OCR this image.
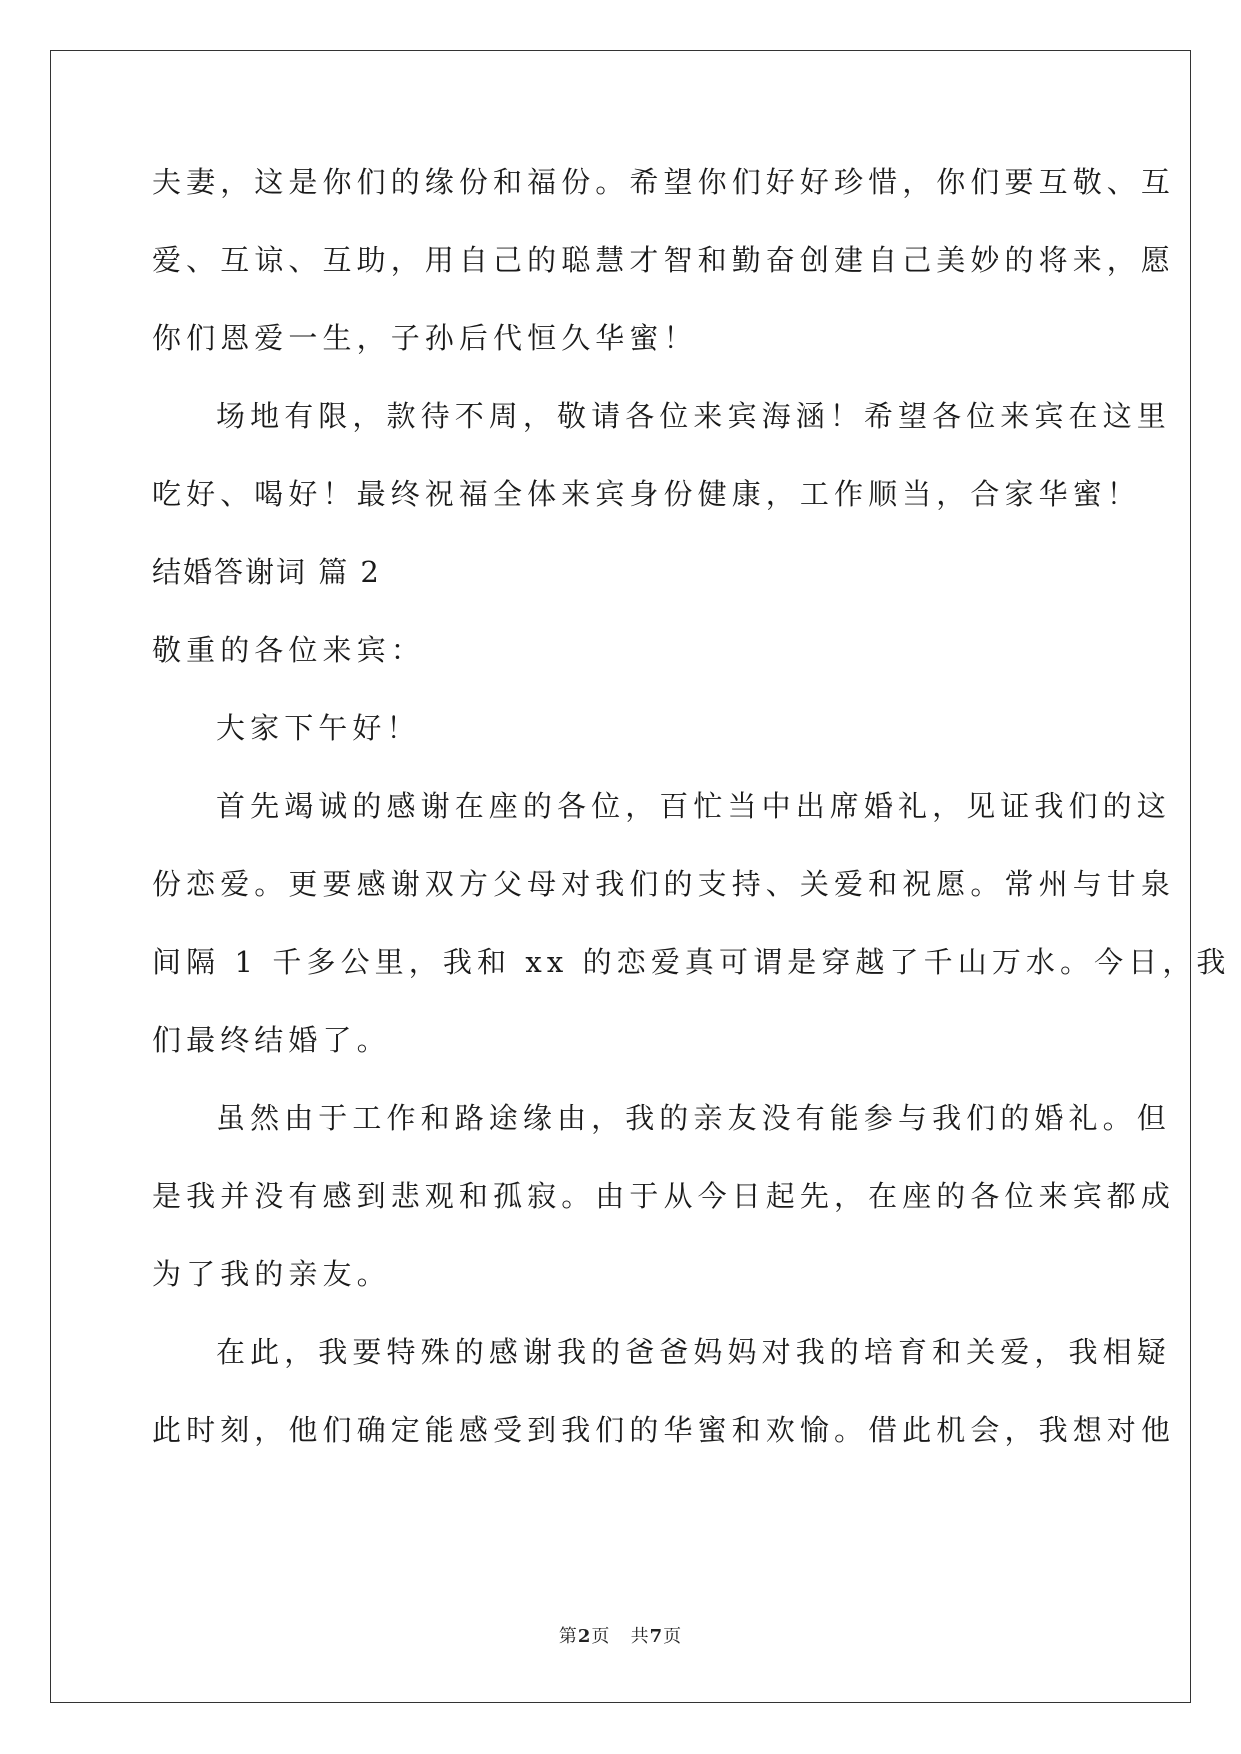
夫妻，这是你们的缘份和福份。希望你们好好珍惜，你们要互敬、互
爱、互谅、互助，用自己的聪慧才智和勤奋创建自己美妙的将来，愿
你们恩爱一生，子孙后代恒久华蜜！
场地有限，款待不周，敬请各位来宾海涵！希望各位来宾在这里
吃好、喝好！最终祝福全体来宾身份健康，工作顺当，合家华蜜！
结婚答谢词 篇 2
敬重的各位来宾：
大家下午好！
首先竭诚的感谢在座的各位，百忙当中出席婚礼，见证我们的这
份恋爱。更要感谢双方父母对我们的支持、关爱和祝愿。常州与甘泉
间隔 1 千多公里，我和 xx 的恋爱真可谓是穿越了千山万水。今日，我
们最终结婚了。
虽然由于工作和路途缘由，我的亲友没有能参与我们的婚礼。但
是我并没有感到悲观和孤寂。由于从今日起先，在座的各位来宾都成
为了我的亲友。
在此，我要特殊的感谢我的爸爸妈妈对我的培育和关爱，我相疑
此时刻，他们确定能感受到我们的华蜜和欢愉。借此机会，我想对他
第2页 共7页
